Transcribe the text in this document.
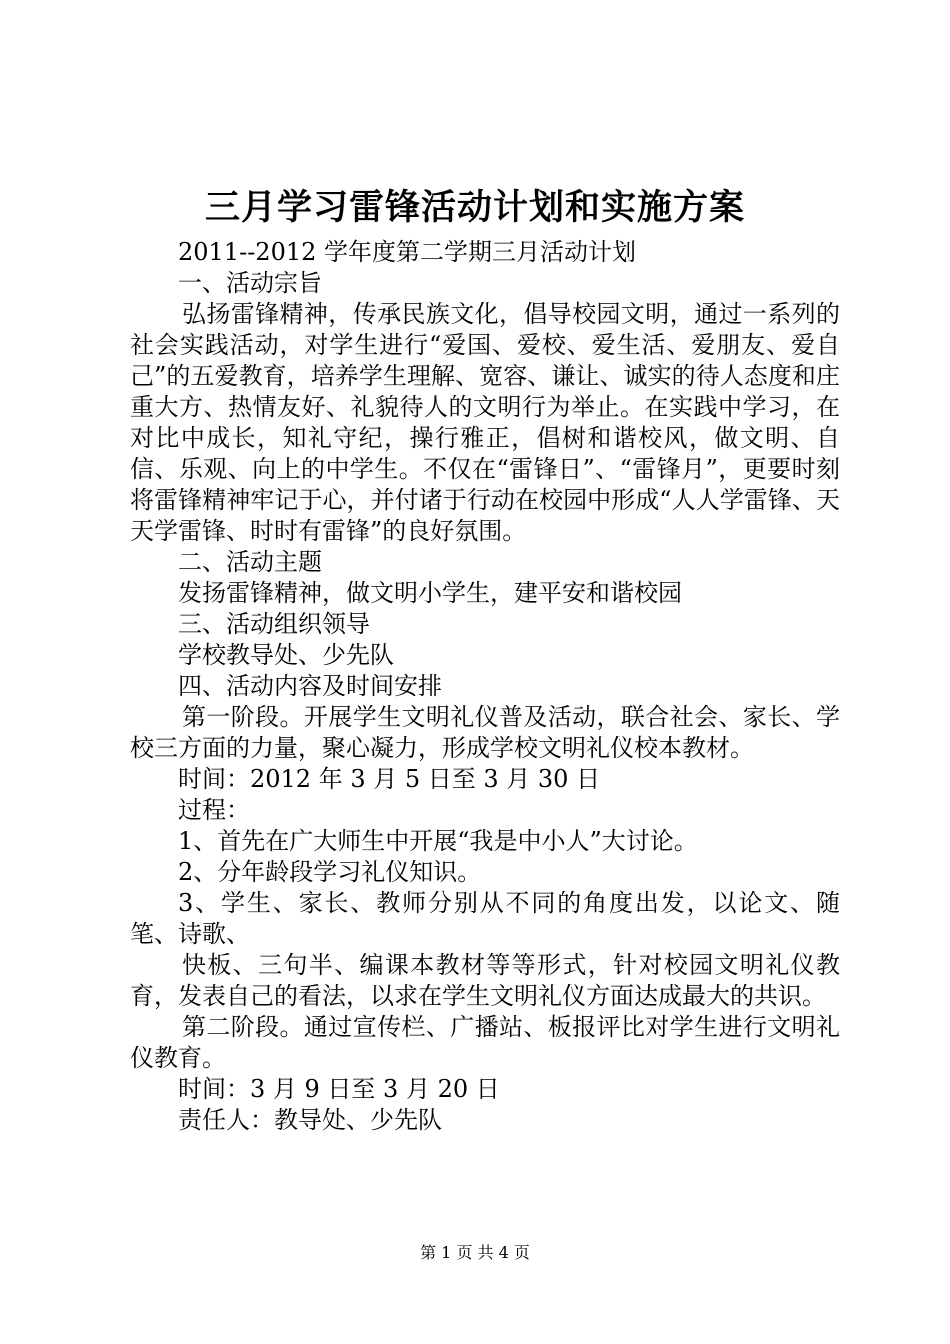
三月学习雷锋活动计划和实施方案

2011--2012 学年度第二学期三月活动计划

一、活动宗旨

弘扬雷锋精神，传承民族文化，倡导校园文明，通过一系列的社会实践活动，对学生进行“爱国、爱校、爱生活、爱朋友、爱自己”的五爱教育，培养学生理解、宽容、谦让、诚实的待人态度和庄重大方、热情友好、礼貌待人的文明行为举止。在实践中学习，在对比中成长，知礼守纪，操行雅正，倡树和谐校风，做文明、自信、乐观、向上的中学生。不仅在“雷锋日”、“雷锋月”，更要时刻将雷锋精神牢记于心，并付诸于行动在校园中形成“人人学雷锋、天天学雷锋、时时有雷锋”的良好氛围。

二、活动主题

发扬雷锋精神，做文明小学生，建平安和谐校园

三、活动组织领导

学校教导处、少先队

四、活动内容及时间安排

第一阶段。开展学生文明礼仪普及活动，联合社会、家长、学校三方面的力量，聚心凝力，形成学校文明礼仪校本教材。

时间：2012 年 3 月 5 日至 3 月 30 日

过程：

1、首先在广大师生中开展“我是中小人”大讨论。

2、分年龄段学习礼仪知识。

3、学生、家长、教师分别从不同的角度出发，以论文、随笔、诗歌、

快板、三句半、编课本教材等等形式，针对校园文明礼仪教育，发表自己的看法，以求在学生文明礼仪方面达成最大的共识。

第二阶段。通过宣传栏、广播站、板报评比对学生进行文明礼仪教育。

时间：3 月 9 日至 3 月 20 日

责任人：教导处、少先队

第 1 页 共 4 页
